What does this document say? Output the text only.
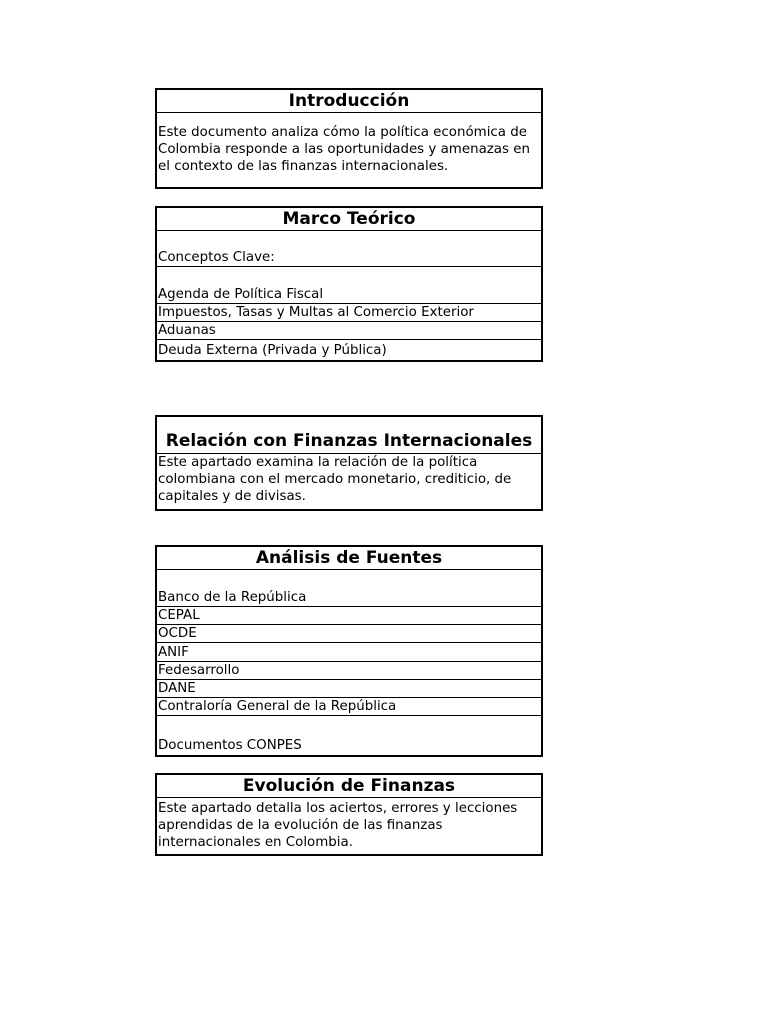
Introducción
Este documento analiza cómo la política económica de
Colombia responde a las oportunidades y amenazas en
el contexto de las finanzas internacionales.
Marco Teórico
Conceptos Clave:
Agenda de Política Fiscal
Impuestos, Tasas y Multas al Comercio Exterior
Aduanas
Deuda Externa (Privada y Pública)
Relación con Finanzas Internacionales
Este apartado examina la relación de la política
colombiana con el mercado monetario, crediticio, de
capitales y de divisas.
Análisis de Fuentes
Banco de la República
CEPAL
OCDE
ANIF
Fedesarrollo
DANE
Contraloría General de la República
Documentos CONPES
Evolución de Finanzas
Este apartado detalla los aciertos, errores y lecciones
aprendidas de la evolución de las finanzas
internacionales en Colombia.
